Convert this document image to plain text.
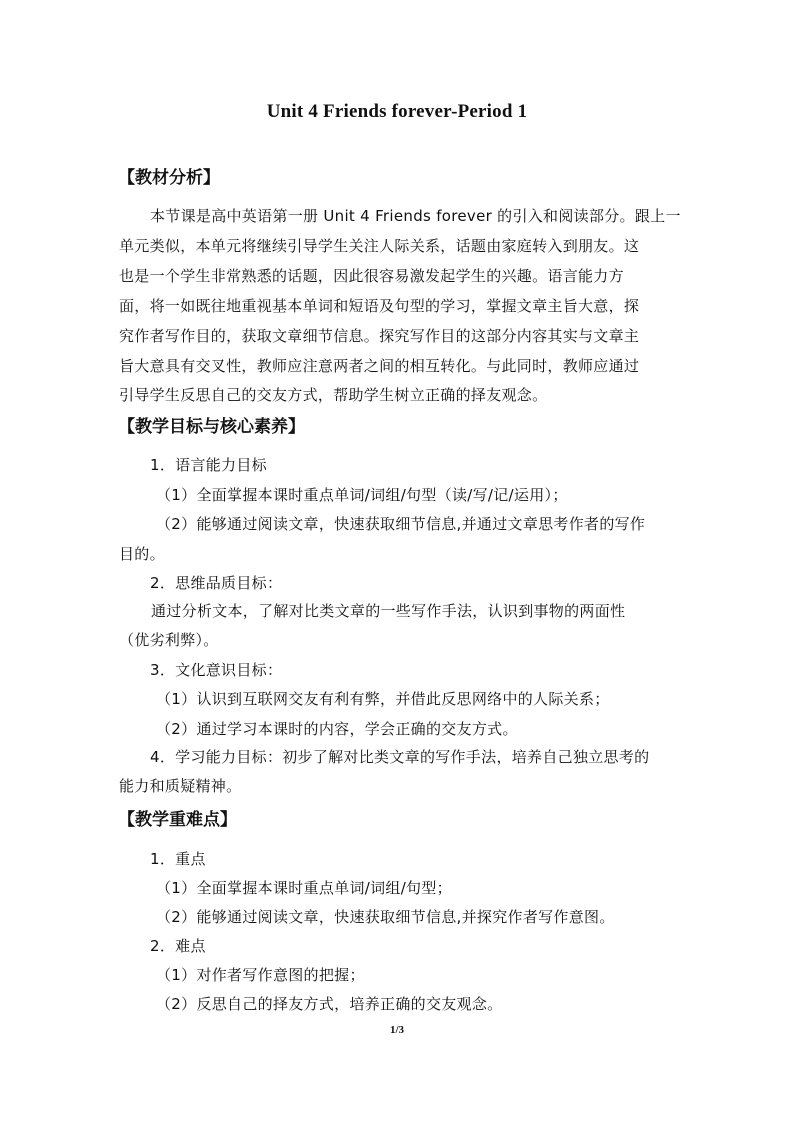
Unit 4 Friends forever-Period 1
【教材分析】
本节课是高中英语第一册 Unit 4 Friends forever 的引入和阅读部分。跟上一
单元类似，本单元将继续引导学生关注人际关系，话题由家庭转入到朋友。这
也是一个学生非常熟悉的话题，因此很容易激发起学生的兴趣。语言能力方
面，将一如既往地重视基本单词和短语及句型的学习，掌握文章主旨大意，探
究作者写作目的，获取文章细节信息。探究写作目的这部分内容其实与文章主
旨大意具有交叉性，教师应注意两者之间的相互转化。与此同时，教师应通过
引导学生反思自己的交友方式，帮助学生树立正确的择友观念。
【教学目标与核心素养】
1．语言能力目标
（1）全面掌握本课时重点单词/词组/句型（读/写/记/运用）；
（2）能够通过阅读文章，快速获取细节信息,并通过文章思考作者的写作
目的。
2．思维品质目标：
通过分析文本，了解对比类文章的一些写作手法，认识到事物的两面性
（优劣利弊）。
3．文化意识目标：
（1）认识到互联网交友有利有弊，并借此反思网络中的人际关系；
（2）通过学习本课时的内容，学会正确的交友方式。
4．学习能力目标：初步了解对比类文章的写作手法，培养自己独立思考的
能力和质疑精神。
【教学重难点】
1．重点
（1）全面掌握本课时重点单词/词组/句型；
（2）能够通过阅读文章，快速获取细节信息,并探究作者写作意图。
2．难点
（1）对作者写作意图的把握；
（2）反思自己的择友方式，培养正确的交友观念。
1/3
